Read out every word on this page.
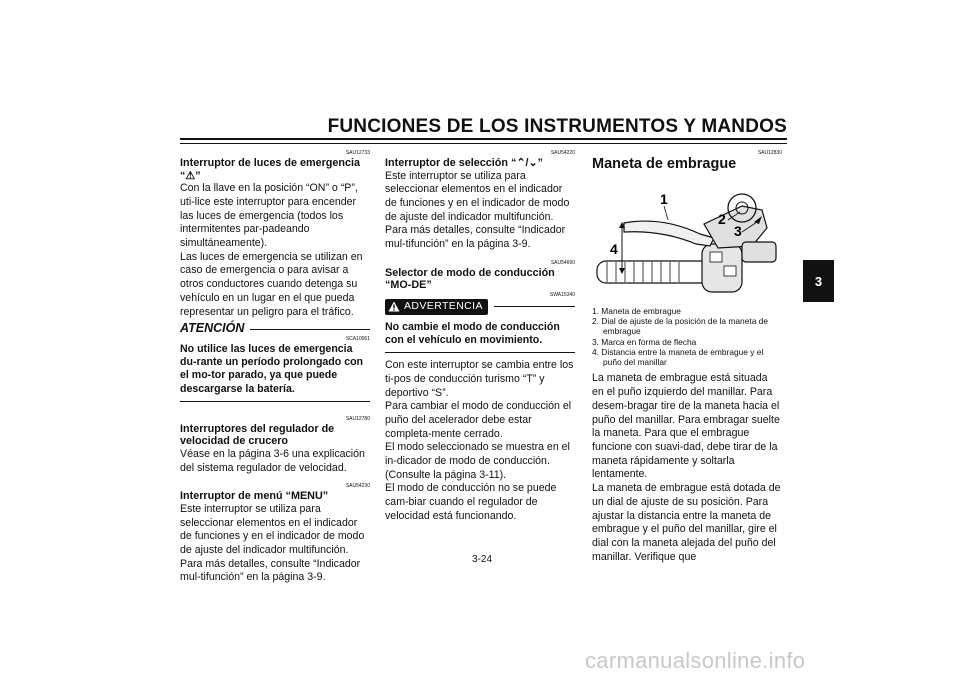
FUNCIONES DE LOS INSTRUMENTOS Y MANDOS
3
SAU12733
Interruptor de luces de emergencia “⚠”

Con la llave en la posición “ON” o “P”, uti-lice este interruptor para encender las luces de emergencia (todos los intermitentes par-padeando simultáneamente).

Las luces de emergencia se utilizan en caso de emergencia o para avisar a otros conductores cuando detenga su vehículo en un lugar en el que pueda representar un peligro para el tráfico.

ATENCIÓN
SCA10061
No utilice las luces de emergencia du-rante un período prolongado con el mo-tor parado, ya que puede descargarse la batería.
SAU12780
Interruptores del regulador de velocidad de crucero

Véase en la página 3-6 una explicación del sistema regulador de velocidad.

SAU54230
Interruptor de menú “MENU”

Este interruptor se utiliza para seleccionar elementos en el indicador de funciones y en el indicador de modo de ajuste del indicador multifunción.

Para más detalles, consulte “Indicador mul-tifunción” en la página 3-9.

SAU54220
Interruptor de selección “⌃/⌄”

Este interruptor se utiliza para seleccionar elementos en el indicador de funciones y en el indicador de modo de ajuste del indicador multifunción.

Para más detalles, consulte “Indicador mul-tifunción” en la página 3-9.

SAU54690
Selector de modo de conducción “MO-DE”
SWA15340
ADVERTENCIA
No cambie el modo de conducción con el vehículo en movimiento.

Con este interruptor se cambia entre los ti-pos de conducción turismo “T” y deportivo “S”.

Para cambiar el modo de conducción el puño del acelerador debe estar completa-mente cerrado.

El modo seleccionado se muestra en el in-dicador de modo de conducción. (Consulte la página 3-11).

El modo de conducción no se puede cam-biar cuando el regulador de velocidad está funcionando.

SAU12830
Maneta de embrague
1
2
3
4
1. Maneta de embrague
2. Dial de ajuste de la posición de la maneta de embrague
3. Marca en forma de flecha
4. Distancia entre la maneta de embrague y el puño del manillar

La maneta de embrague está situada en el puño izquierdo del manillar. Para desem-bragar tire de la maneta hacia el puño del manillar. Para embragar suelte la maneta. Para que el embrague funcione con suavi-dad, debe tirar de la maneta rápidamente y soltarla lentamente.

La maneta de embrague está dotada de un dial de ajuste de su posición. Para ajustar la distancia entre la maneta de embrague y el puño del manillar, gire el dial con la maneta alejada del puño del manillar. Verifique que

3-24
carmanualsonline.info
